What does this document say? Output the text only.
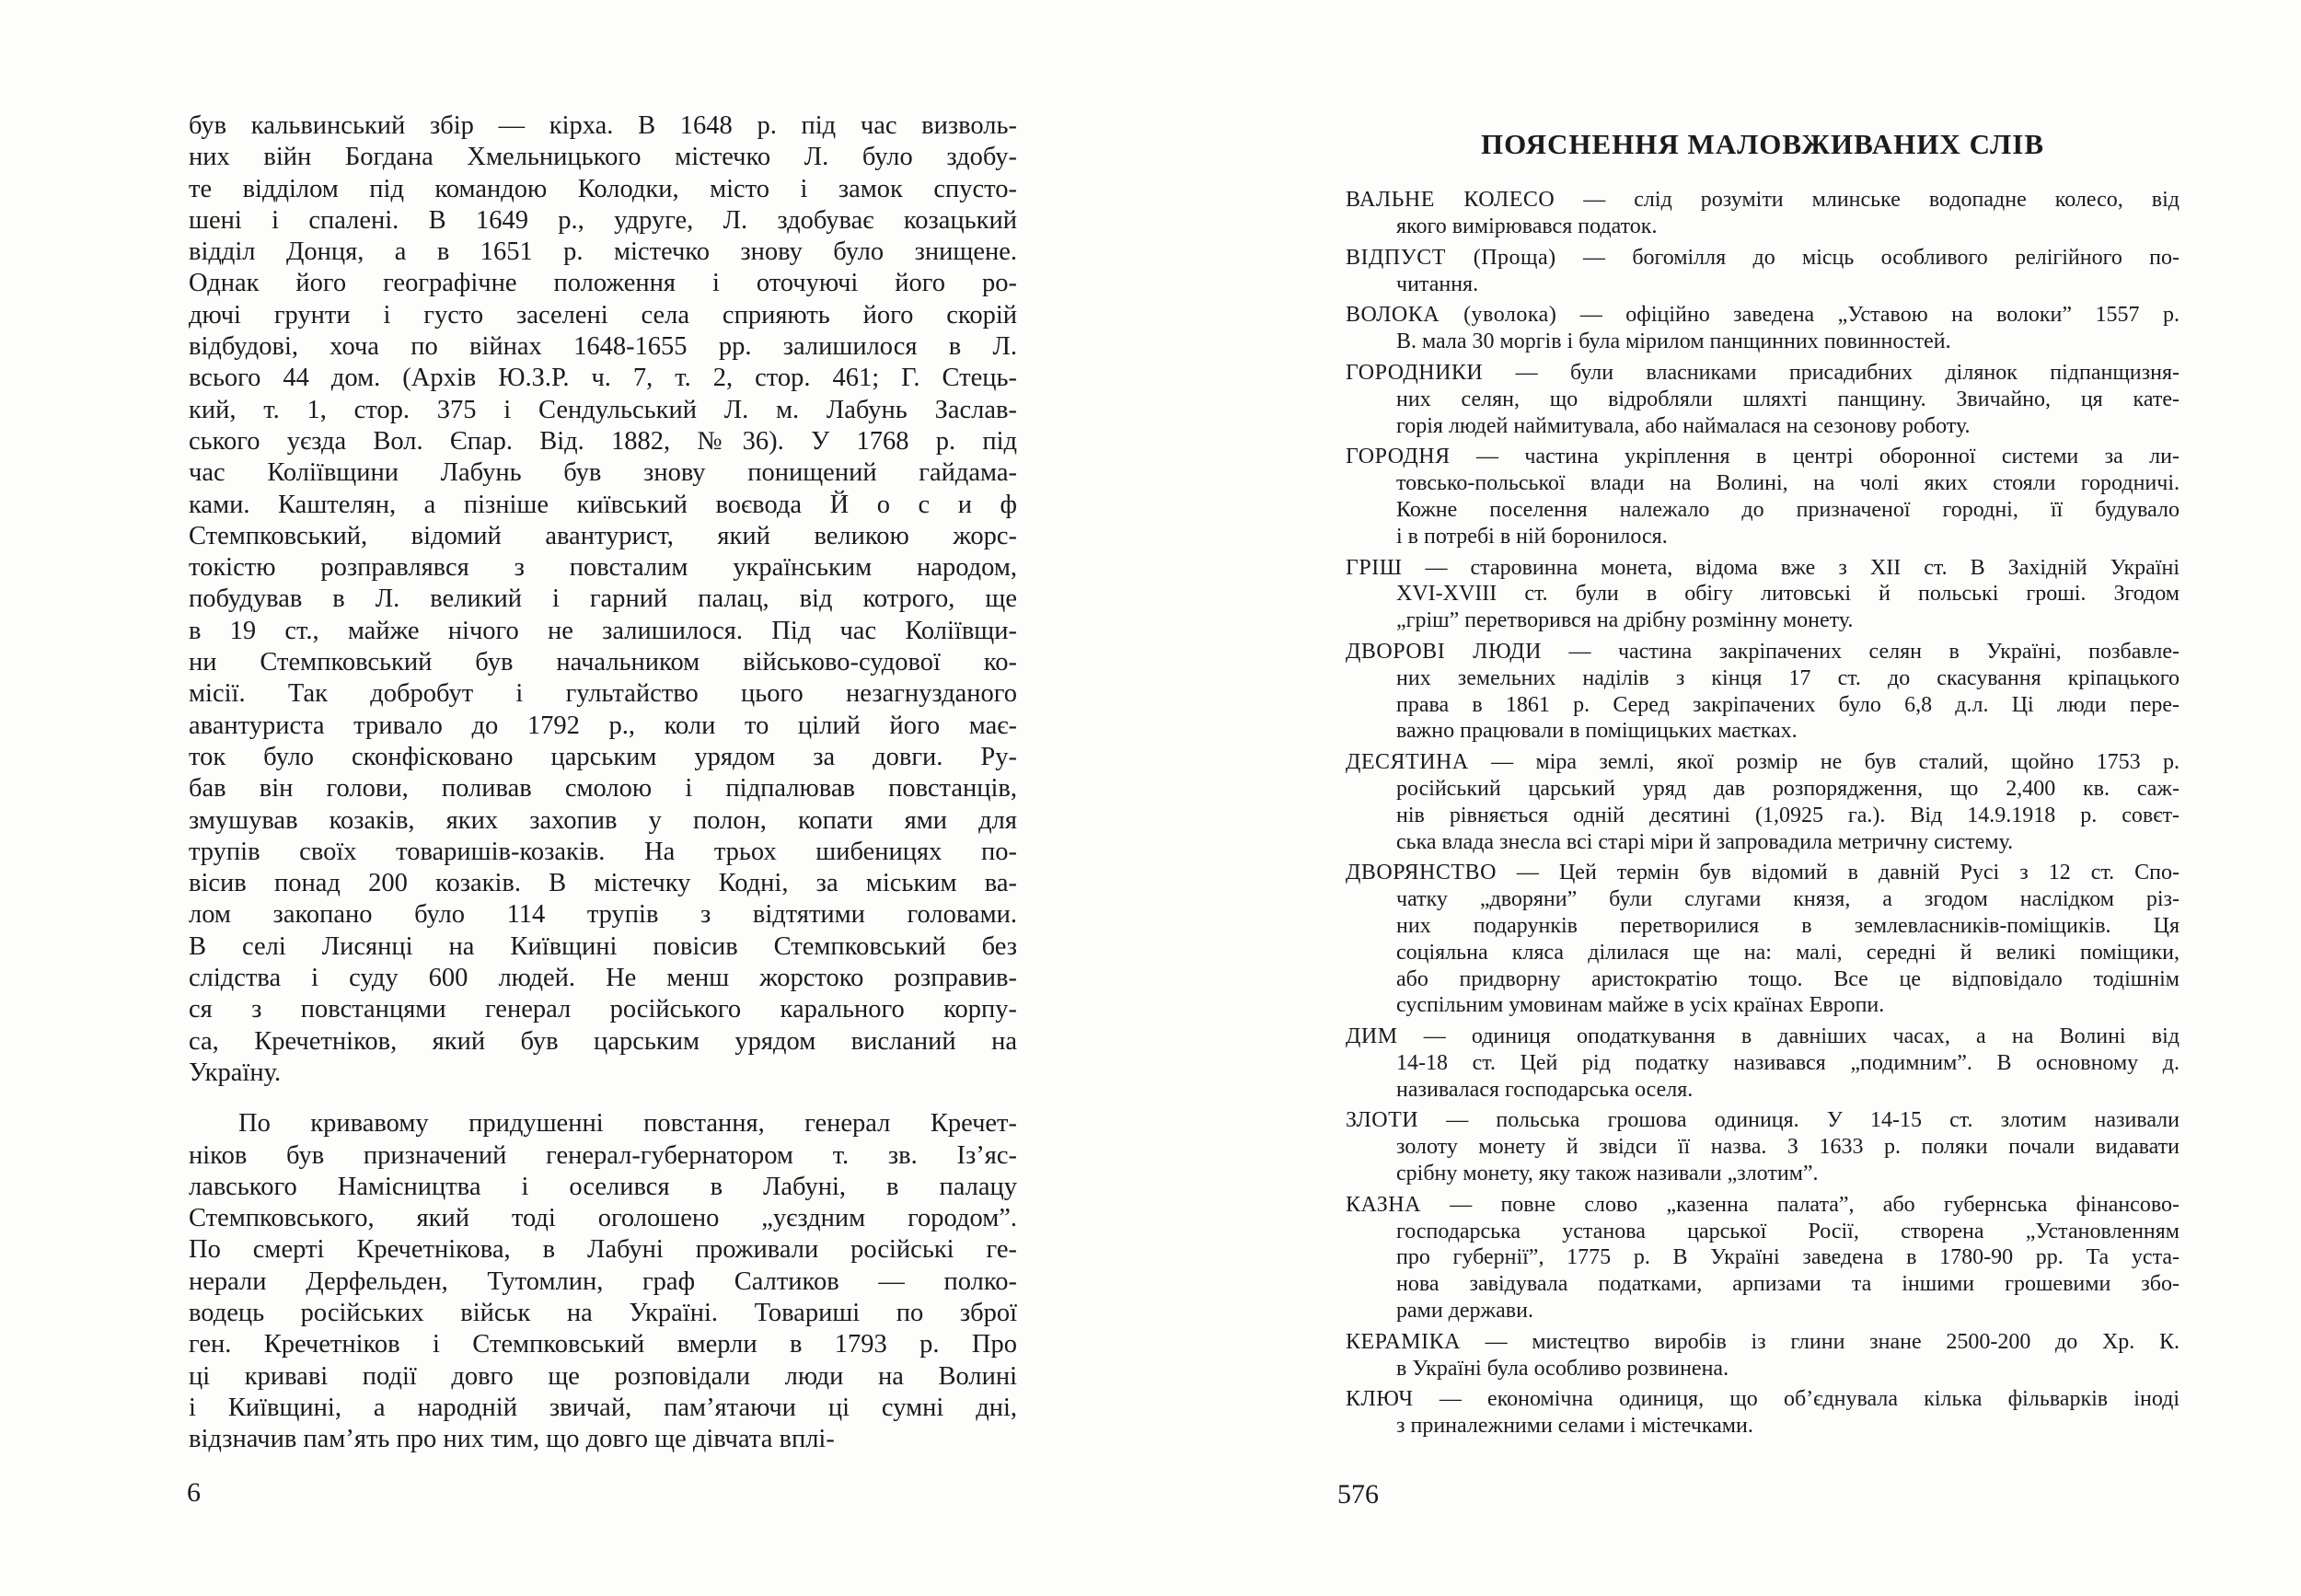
був кальвинський збір — кірха. В 1648 р. під час визволь-
них війн Богдана Хмельницького містечко Л. було здобу-
те відділом під командою Колодки, місто і замок спусто-
шені і спалені. В 1649 р., удруге, Л. здобуває козацький
відділ Донця, а в 1651 р. містечко знову було знищене.
Однак його географічне положення і оточуючі його ро-
дючі грунти і густо заселені села сприяють його скорій
відбудові, хоча по війнах 1648-1655 рр. залишилося в Л.
всього 44 дом. (Архів Ю.З.Р. ч. 7, т. 2, стор. 461; Г. Стець-
кий, т. 1, стор. 375 і Сендульський Л. м. Лабунь Заслав-
ського уєзда Вол. Єпар. Від. 1882, №36). У 1768 р. під
час Коліївщини Лабунь був знову понищений гайдама-
ками. Каштелян, а пізніше київський воєвода Й о с и ф
Стемпковський, відомий авантурист, який великою жорс-
токістю розправлявся з повсталим українським народом,
побудував в Л. великий і гарний палац, від котрого, ще
в 19 ст., майже нічого не залишилося. Під час Коліївщи-
ни Стемпковський був начальником військово-судової ко-
місії. Так добробут і гультайство цього незагнузданого
авантуриста тривало до 1792 р., коли то цілий його має-
ток було сконфісковано царським урядом за довги. Ру-
бав він голови, поливав смолою і підпалював повстанців,
змушував козаків, яких захопив у полон, копати ями для
трупів своїх товаришів-козаків. На трьох шибеницях по-
вісив понад 200 козаків. В містечку Кодні, за міським ва-
лом закопано було 114 трупів з відтятими головами.
В селі Лисянці на Київщині повісив Стемпковський без
слідства і суду 600 людей. Не менш жорстоко розправив-
ся з повстанцями генерал російського карального корпу-
са, Кречетніков, який був царським урядом висланий на
Україну.
По кривавому придушенні повстання, генерал Кречет-
ніков був призначений генерал-губернатором т. зв. Із’яс-
лавського Намісництва і оселився в Лабуні, в палацу
Стемпковського, який тоді оголошено „уєздним городом”.
По смерті Кречетнікова, в Лабуні проживали російські ге-
нерали Дерфельден, Тутомлин, граф Салтиков — полко-
водець російських військ на Україні. Товариші по зброї
ген. Кречетніков і Стемпковський вмерли в 1793 р. Про
ці криваві події довго ще розповідали люди на Волині
і Київщині, а народній звичай, пам’ятаючи ці сумні дні,
відзначив пам’ять про них тим, що довго ще дівчата вплі-
6
ПОЯСНЕННЯ МАЛОВЖИВАНИХ СЛІВ
ВАЛЬНЕ КОЛЕСО — слід розуміти млинське водопадне колесо, від
якого вимірювався податок.
ВІДПУСТ (Проща) — богомілля до місць особливого релігійного по-
читання.
ВОЛОКА (уволока) — офіційно заведена „Уставою на волоки” 1557 р.
В. мала 30 моргів і була мірилом панщинних повинностей.
ГОРОДНИКИ — були власниками присадибних ділянок підпанщизня-
них селян, що відробляли шляхті панщину. Звичайно, ця кате-
горія людей наймитувала, або наймалася на сезонову роботу.
ГОРОДНЯ — частина укріплення в центрі оборонної системи за ли-
товсько-польської влади на Волині, на чолі яких стояли городничі.
Кожне поселення належало до призначеної городні, її будувало
і в потребі в ній боронилося.
ГРІШ — старовинна монета, відома вже з XII ст. В Західній Україні
XVI-XVIII ст. були в обігу литовські й польські гроші. Згодом
„гріш” перетворився на дрібну розмінну монету.
ДВОРОВІ ЛЮДИ — частина закріпачених селян в Україні, позбавле-
них земельних наділів з кінця 17 ст. до скасування кріпацького
права в 1861 р. Серед закріпачених було 6,8 д.л. Ці люди пере-
важно працювали в поміщицьких маєтках.
ДЕСЯТИНА — міра землі, якої розмір не був сталий, щойно 1753 р.
російський царський уряд дав розпорядження, що 2,400 кв. саж-
нів рівняється одній десятині (1,0925 га.). Від 14.9.1918 р. совєт-
ська влада знесла всі старі міри й запровадила метричну систему.
ДВОРЯНСТВО — Цей термін був відомий в давній Русі з 12 ст. Спо-
чатку „дворяни” були слугами князя, а згодом наслідком різ-
них подарунків перетворилися в землевласників-поміщиків. Ця
соціяльна кляса ділилася ще на: малі, середні й великі поміщики,
або придворну аристократію тощо. Все це відповідало тодішнім
суспільним умовинам майже в усіх країнах Европи.
ДИМ — одиниця оподаткування в давніших часах, а на Волині від
14-18 ст. Цей рід податку називався „подимним”. В основному д.
називалася господарська оселя.
ЗЛОТИ — польська грошова одиниця. У 14-15 ст. злотим називали
золоту монету й звідси її назва. З 1633 р. поляки почали видавати
срібну монету, яку також називали „злотим”.
КАЗНА — повне слово „казенна палата”, або губернська фінансово-
господарська установа царської Росії, створена „Установленням
про губернії”, 1775 р. В Україні заведена в 1780-90 рр. Та уста-
нова завідувала податками, арпизами та іншими грошевими збо-
рами держави.
КЕРАМІКА — мистецтво виробів із глини знане 2500-200 до Хр. К.
в Україні була особливо розвинена.
КЛЮЧ — економічна одиниця, що об’єднувала кілька фільварків іноді
з приналежними селами і містечками.
576
